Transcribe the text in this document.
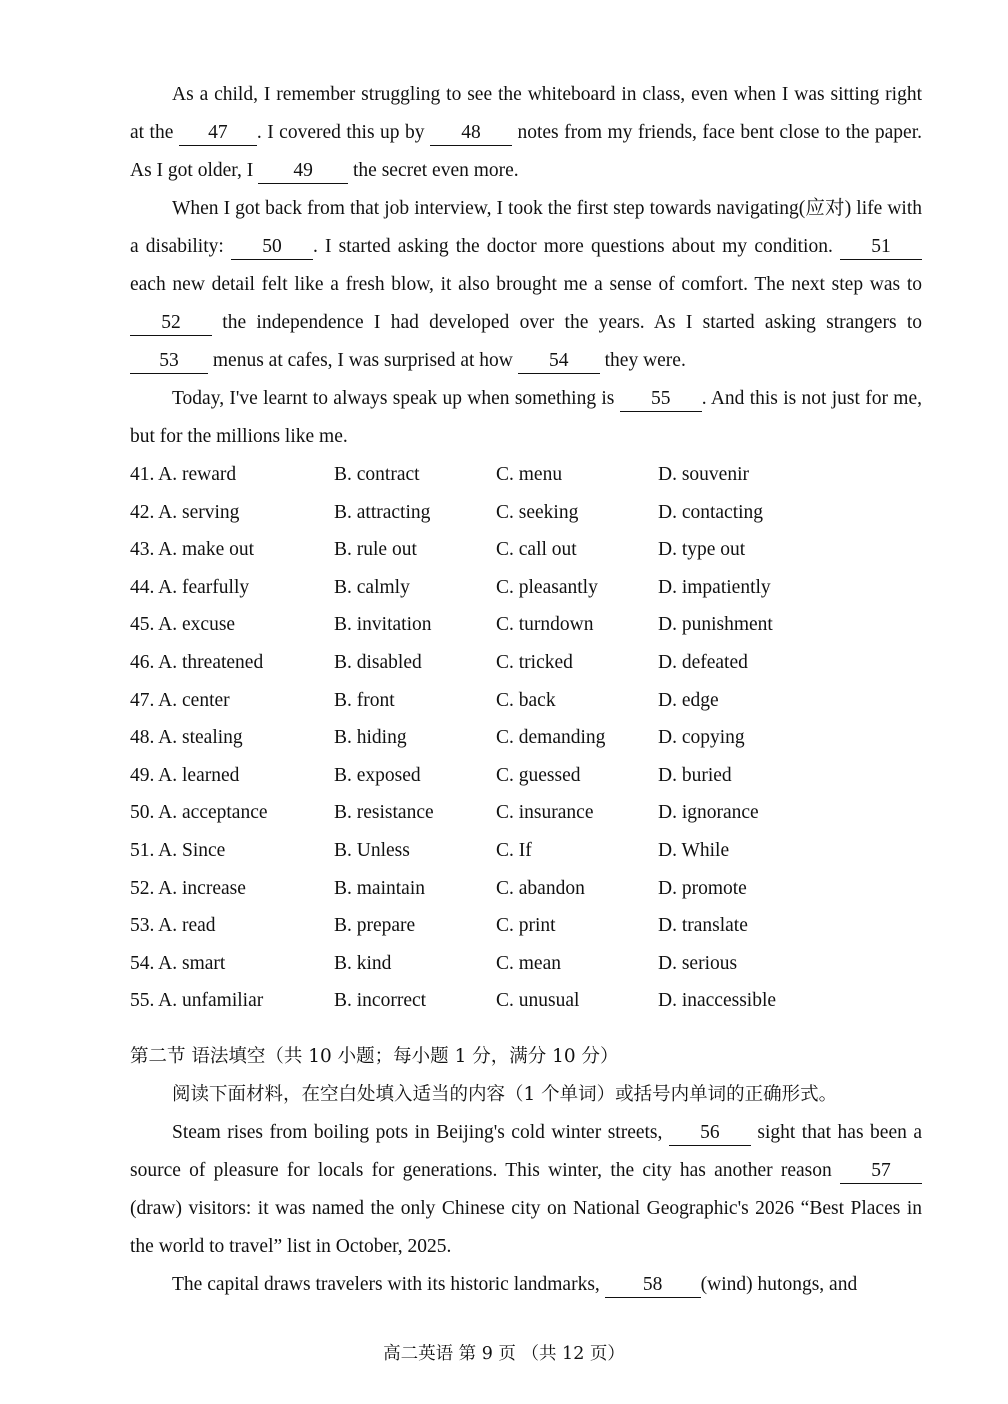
As a child, I remember struggling to see the whiteboard in class, even when I was sitting right at the 47 . I covered this up by 48 notes from my friends, face bent close to the paper. As I got older, I 49 the secret even more.

When I got back from that job interview, I took the first step towards navigating(应对) life with a disability: 50 . I started asking the doctor more questions about my condition. 51 each new detail felt like a fresh blow, it also brought me a sense of comfort. The next step was to 52 the independence I had developed over the years. As I started asking strangers to 53 menus at cafes, I was surprised at how 54 they were.

Today, I've learnt to always speak up when something is 55 . And this is not just for me, but for the millions like me.

41. A. reward	B. contract	C. menu	D. souvenir
42. A. serving	B. attracting	C. seeking	D. contacting
43. A. make out	B. rule out	C. call out	D. type out
44. A. fearfully	B. calmly	C. pleasantly	D. impatiently
45. A. excuse	B. invitation	C. turndown	D. punishment
46. A. threatened	B. disabled	C. tricked	D. defeated
47. A. center	B. front	C. back	D. edge
48. A. stealing	B. hiding	C. demanding	D. copying
49. A. learned	B. exposed	C. guessed	D. buried
50. A. acceptance	B. resistance	C. insurance	D. ignorance
51. A. Since	B. Unless	C. If	D. While
52. A. increase	B. maintain	C. abandon	D. promote
53. A. read	B. prepare	C. print	D. translate
54. A. smart	B. kind	C. mean	D. serious
55. A. unfamiliar	B. incorrect	C. unusual	D. inaccessible
第二节 语法填空（共 10 小题；每小题 1 分，满分 10 分）
阅读下面材料，在空白处填入适当的内容（1 个单词）或括号内单词的正确形式。

Steam rises from boiling pots in Beijing's cold winter streets, 56 sight that has been a source of pleasure for locals for generations. This winter, the city has another reason 57(draw) visitors: it was named the only Chinese city on National Geographic's 2026 “Best Places in the world to travel” list in October, 2025.

The capital draws travelers with its historic landmarks, 58 (wind) hutongs, and

高二英语 第 9 页 （共 12 页）
